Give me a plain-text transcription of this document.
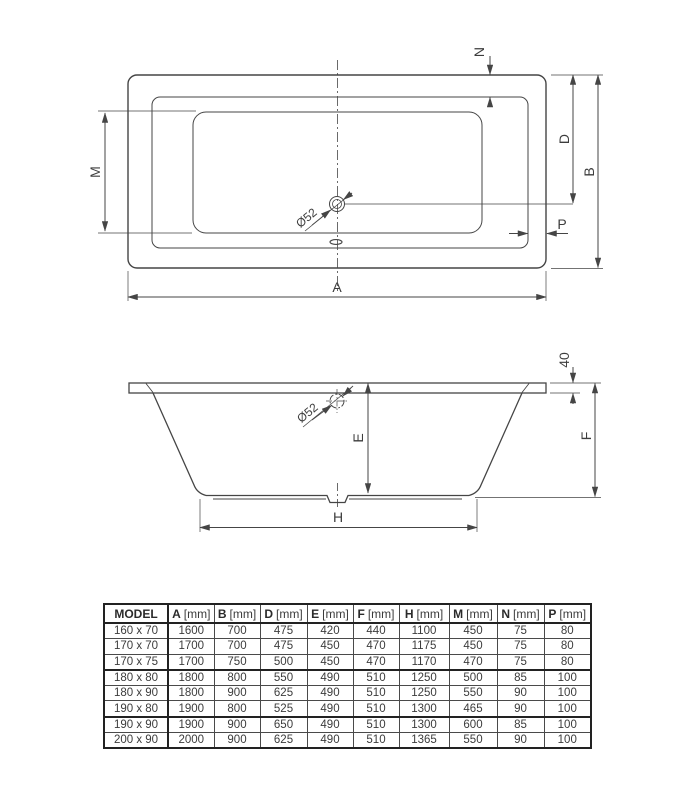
Ø52
M
N
D
B
P
A
Ø52
E
40
F
H
MODEL	A [mm]	B [mm]	D [mm]	E [mm]	F [mm]	H [mm]	M [mm]	N [mm]	P [mm]
160 x 70	1600	700	475	420	440	1100	450	75	80
170 x 70	1700	700	475	450	470	1175	450	75	80
170 x 75	1700	750	500	450	470	1170	470	75	80
180 x 80	1800	800	550	490	510	1250	500	85	100
180 x 90	1800	900	625	490	510	1250	550	90	100
190 x 80	1900	800	525	490	510	1300	465	90	100
190 x 90	1900	900	650	490	510	1300	600	85	100
200 x 90	2000	900	625	490	510	1365	550	90	100
